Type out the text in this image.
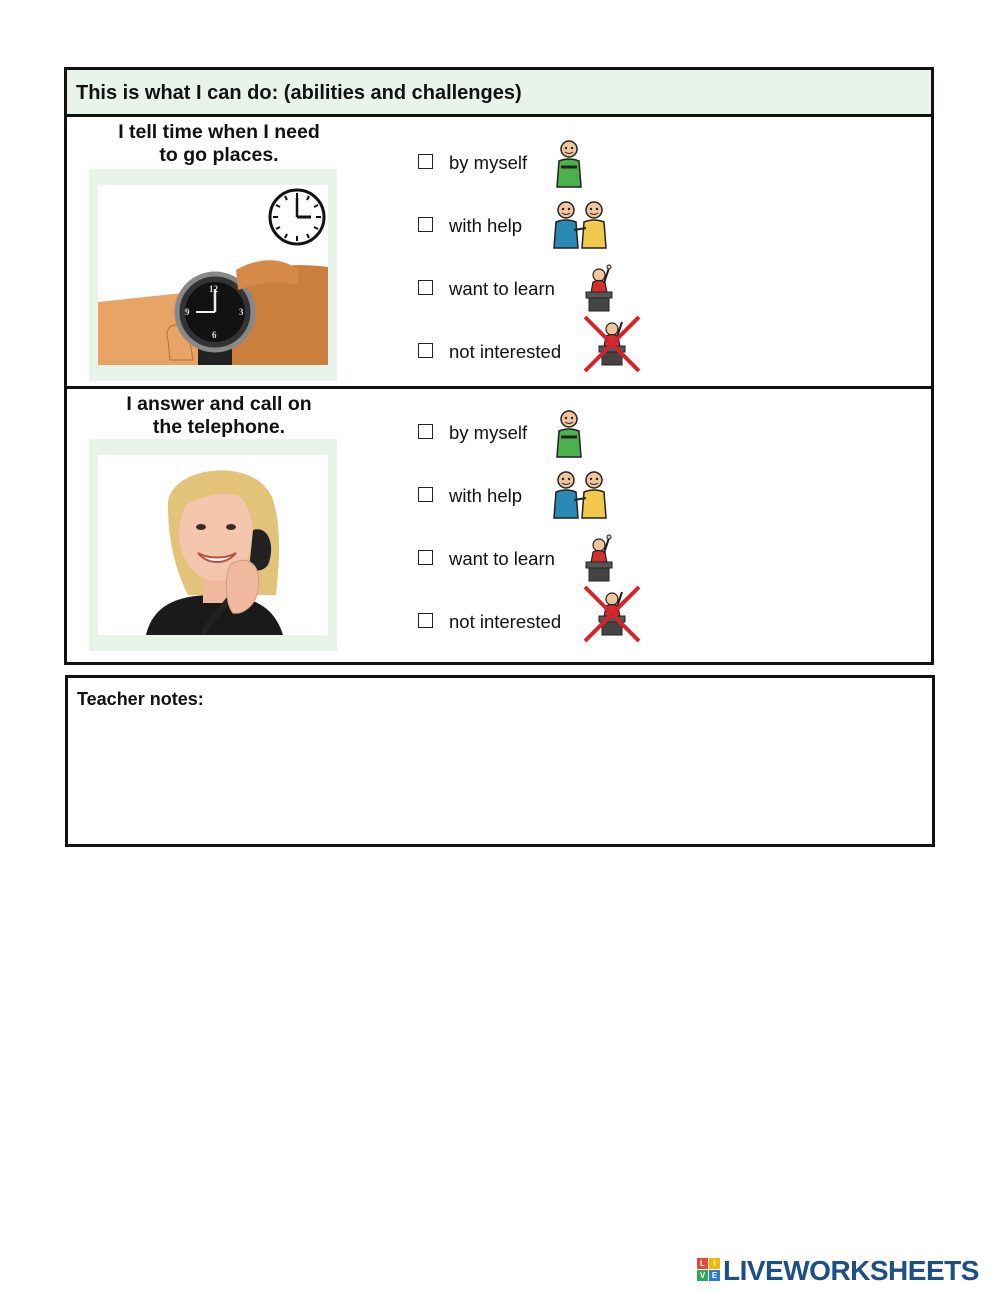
This is what I can do: (abilities and challenges)
I tell time when I need
to go places.
12
9	3
6
I answer and call on
the telephone.
by myself
with help
want to learn
not interested
by myself
with help
want to learn
not interested
Teacher notes:
L	I
V E LIVEWORKSHEETS
